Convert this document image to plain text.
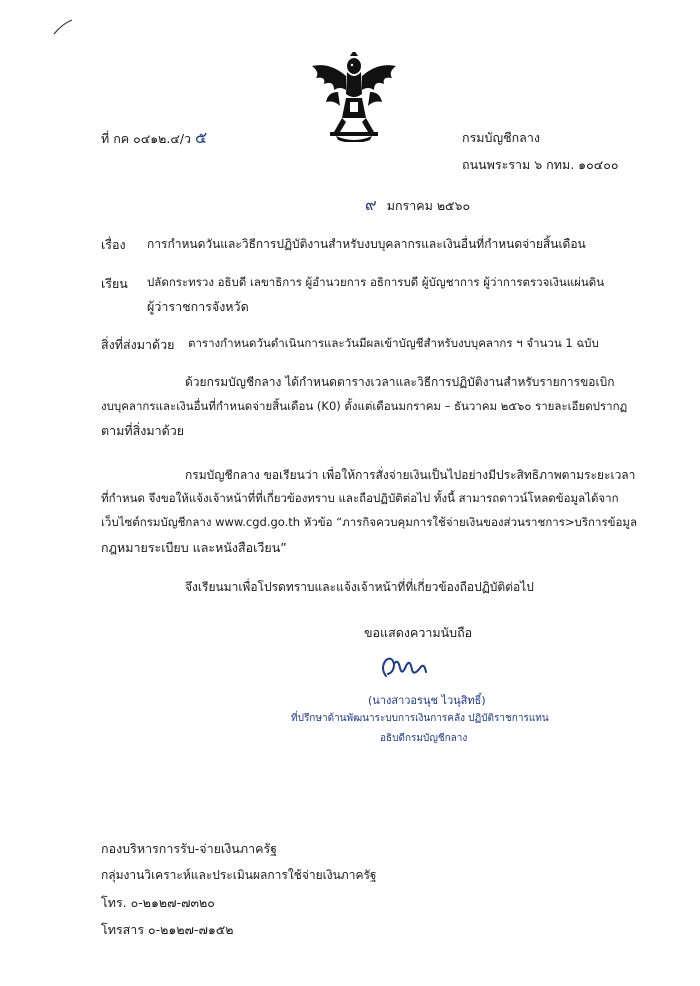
ที่ กค ๐๔๑๒.๔/ว ๕	กรมบัญชีกลาง
ถนนพระราม ๖ กทม. ๑๐๔๐๐
๙ มกราคม ๒๕๖๐
เรื่อง การกำหนดวันและวิธีการปฏิบัติงานสำหรับงบบุคลากรและเงินอื่นที่กำหนดจ่ายสิ้นเดือน
เรียน ปลัดกระทรวง อธิบดี เลขาธิการ ผู้อำนวยการ อธิการบดี ผู้บัญชาการ ผู้ว่าการตรวจเงินแผ่นดิน
ผู้ว่าราชการจังหวัด
สิ่งที่ส่งมาด้วย ตารางกำหนดวันดำเนินการและวันมีผลเข้าบัญชีสำหรับงบบุคลากร ฯ จำนวน 1 ฉบับ
ด้วยกรมบัญชีกลาง ได้กำหนดตารางเวลาและวิธีการปฏิบัติงานสำหรับรายการขอเบิก
งบบุคลากรและเงินอื่นที่กำหนดจ่ายสิ้นเดือน (K0) ตั้งแต่เดือนมกราคม – ธันวาคม ๒๕๖๐ รายละเอียดปรากฏ
ตามที่สิ่งมาด้วย
กรมบัญชีกลาง ขอเรียนว่า เพื่อให้การสั่งจ่ายเงินเป็นไปอย่างมีประสิทธิภาพตามระยะเวลา
ที่กำหนด จึงขอให้แจ้งเจ้าหน้าที่ที่เกี่ยวข้องทราบ และถือปฏิบัติต่อไป ทั้งนี้ สามารถดาวน์โหลดข้อมูลได้จาก
เว็บไซต์กรมบัญชีกลาง www.cgd.go.th หัวข้อ “ภารกิจควบคุมการใช้จ่ายเงินของส่วนราชการ>บริการข้อมูล
กฎหมายระเบียบ และหนังสือเวียน”
จึงเรียนมาเพื่อโปรดทราบและแจ้งเจ้าหน้าที่ที่เกี่ยวข้องถือปฏิบัติต่อไป
ขอแสดงความนับถือ
(นางสาวอรนุช ไวนุสิทธิ์)
ที่ปรึกษาด้านพัฒนาระบบการเงินการคลัง ปฏิบัติราชการแทน
อธิบดีกรมบัญชีกลาง
กองบริหารการรับ-จ่ายเงินภาครัฐ
กลุ่มงานวิเคราะห์และประเมินผลการใช้จ่ายเงินภาครัฐ
โทร. ๐-๒๑๒๗-๗๓๒๐
โทรสาร ๐-๒๑๒๗-๗๑๕๒
